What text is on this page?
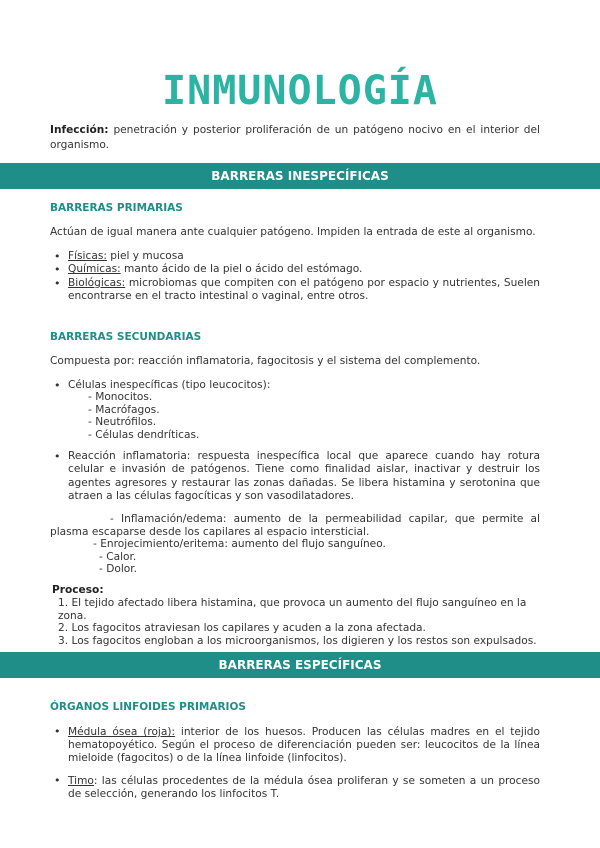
INMUNOLOGÍA
Infección: penetración y posterior proliferación de un patógeno nocivo en el interior del organismo.
BARRERAS INESPECÍFICAS
BARRERAS PRIMARIAS
Actúan de igual manera ante cualquier patógeno. Impiden la entrada de este al organismo.
• Físicas: piel y mucosa
• Químicas: manto ácido de la piel o ácido del estómago.
• Biológicas: microbiomas que compiten con el patógeno por espacio y nutrientes, Suelen encontrarse en el tracto intestinal o vaginal, entre otros.
BARRERAS SECUNDARIAS
Compuesta por: reacción inflamatoria, fagocitosis y el sistema del complemento.
• Células inespecíficas (tipo leucocitos):
- Monocitos.
- Macrófagos.
- Neutrófilos.
- Células dendríticas.
• Reacción inflamatoria: respuesta inespecífica local que aparece cuando hay rotura celular e invasión de patógenos. Tiene como finalidad aislar, inactivar y destruir los agentes agresores y restaurar las zonas dañadas. Se libera histamina y serotonina que atraen a las células fagocíticas y son vasodilatadores.
- Inflamación/edema: aumento de la permeabilidad capilar, que permite al plasma escaparse desde los capilares al espacio intersticial.
- Enrojecimiento/eritema: aumento del flujo sanguíneo.
- Calor.
- Dolor.
Proceso:
1. El tejido afectado libera histamina, que provoca un aumento del flujo sanguíneo en la zona.
2. Los fagocitos atraviesan los capilares y acuden a la zona afectada.
3. Los fagocitos engloban a los microorganismos, los digieren y los restos son expulsados.
BARRERAS ESPECÍFICAS
ÓRGANOS LINFOIDES PRIMARIOS
• Médula ósea (roja): interior de los huesos. Producen las células madres en el tejido hematopoyético. Según el proceso de diferenciación pueden ser: leucocitos de la línea mieloide (fagocitos) o de la línea linfoide (linfocitos).
• Timo: las células procedentes de la médula ósea proliferan y se someten a un proceso de selección, generando los linfocitos T.
